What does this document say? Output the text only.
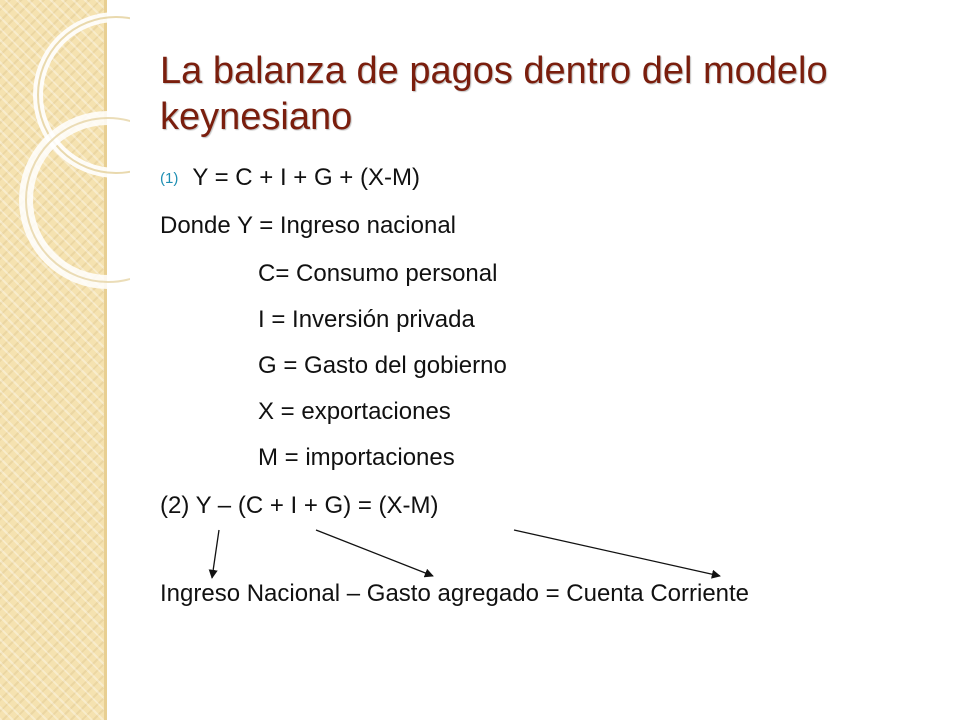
La balanza de pagos dentro del modelo keynesiano
(1) Y = C + I + G + (X-M)
Donde Y = Ingreso nacional
C= Consumo personal
I = Inversión privada
G = Gasto del gobierno
X = exportaciones
M = importaciones
(2) Y – (C + I + G) = (X-M)
Ingreso Nacional – Gasto agregado = Cuenta Corriente
